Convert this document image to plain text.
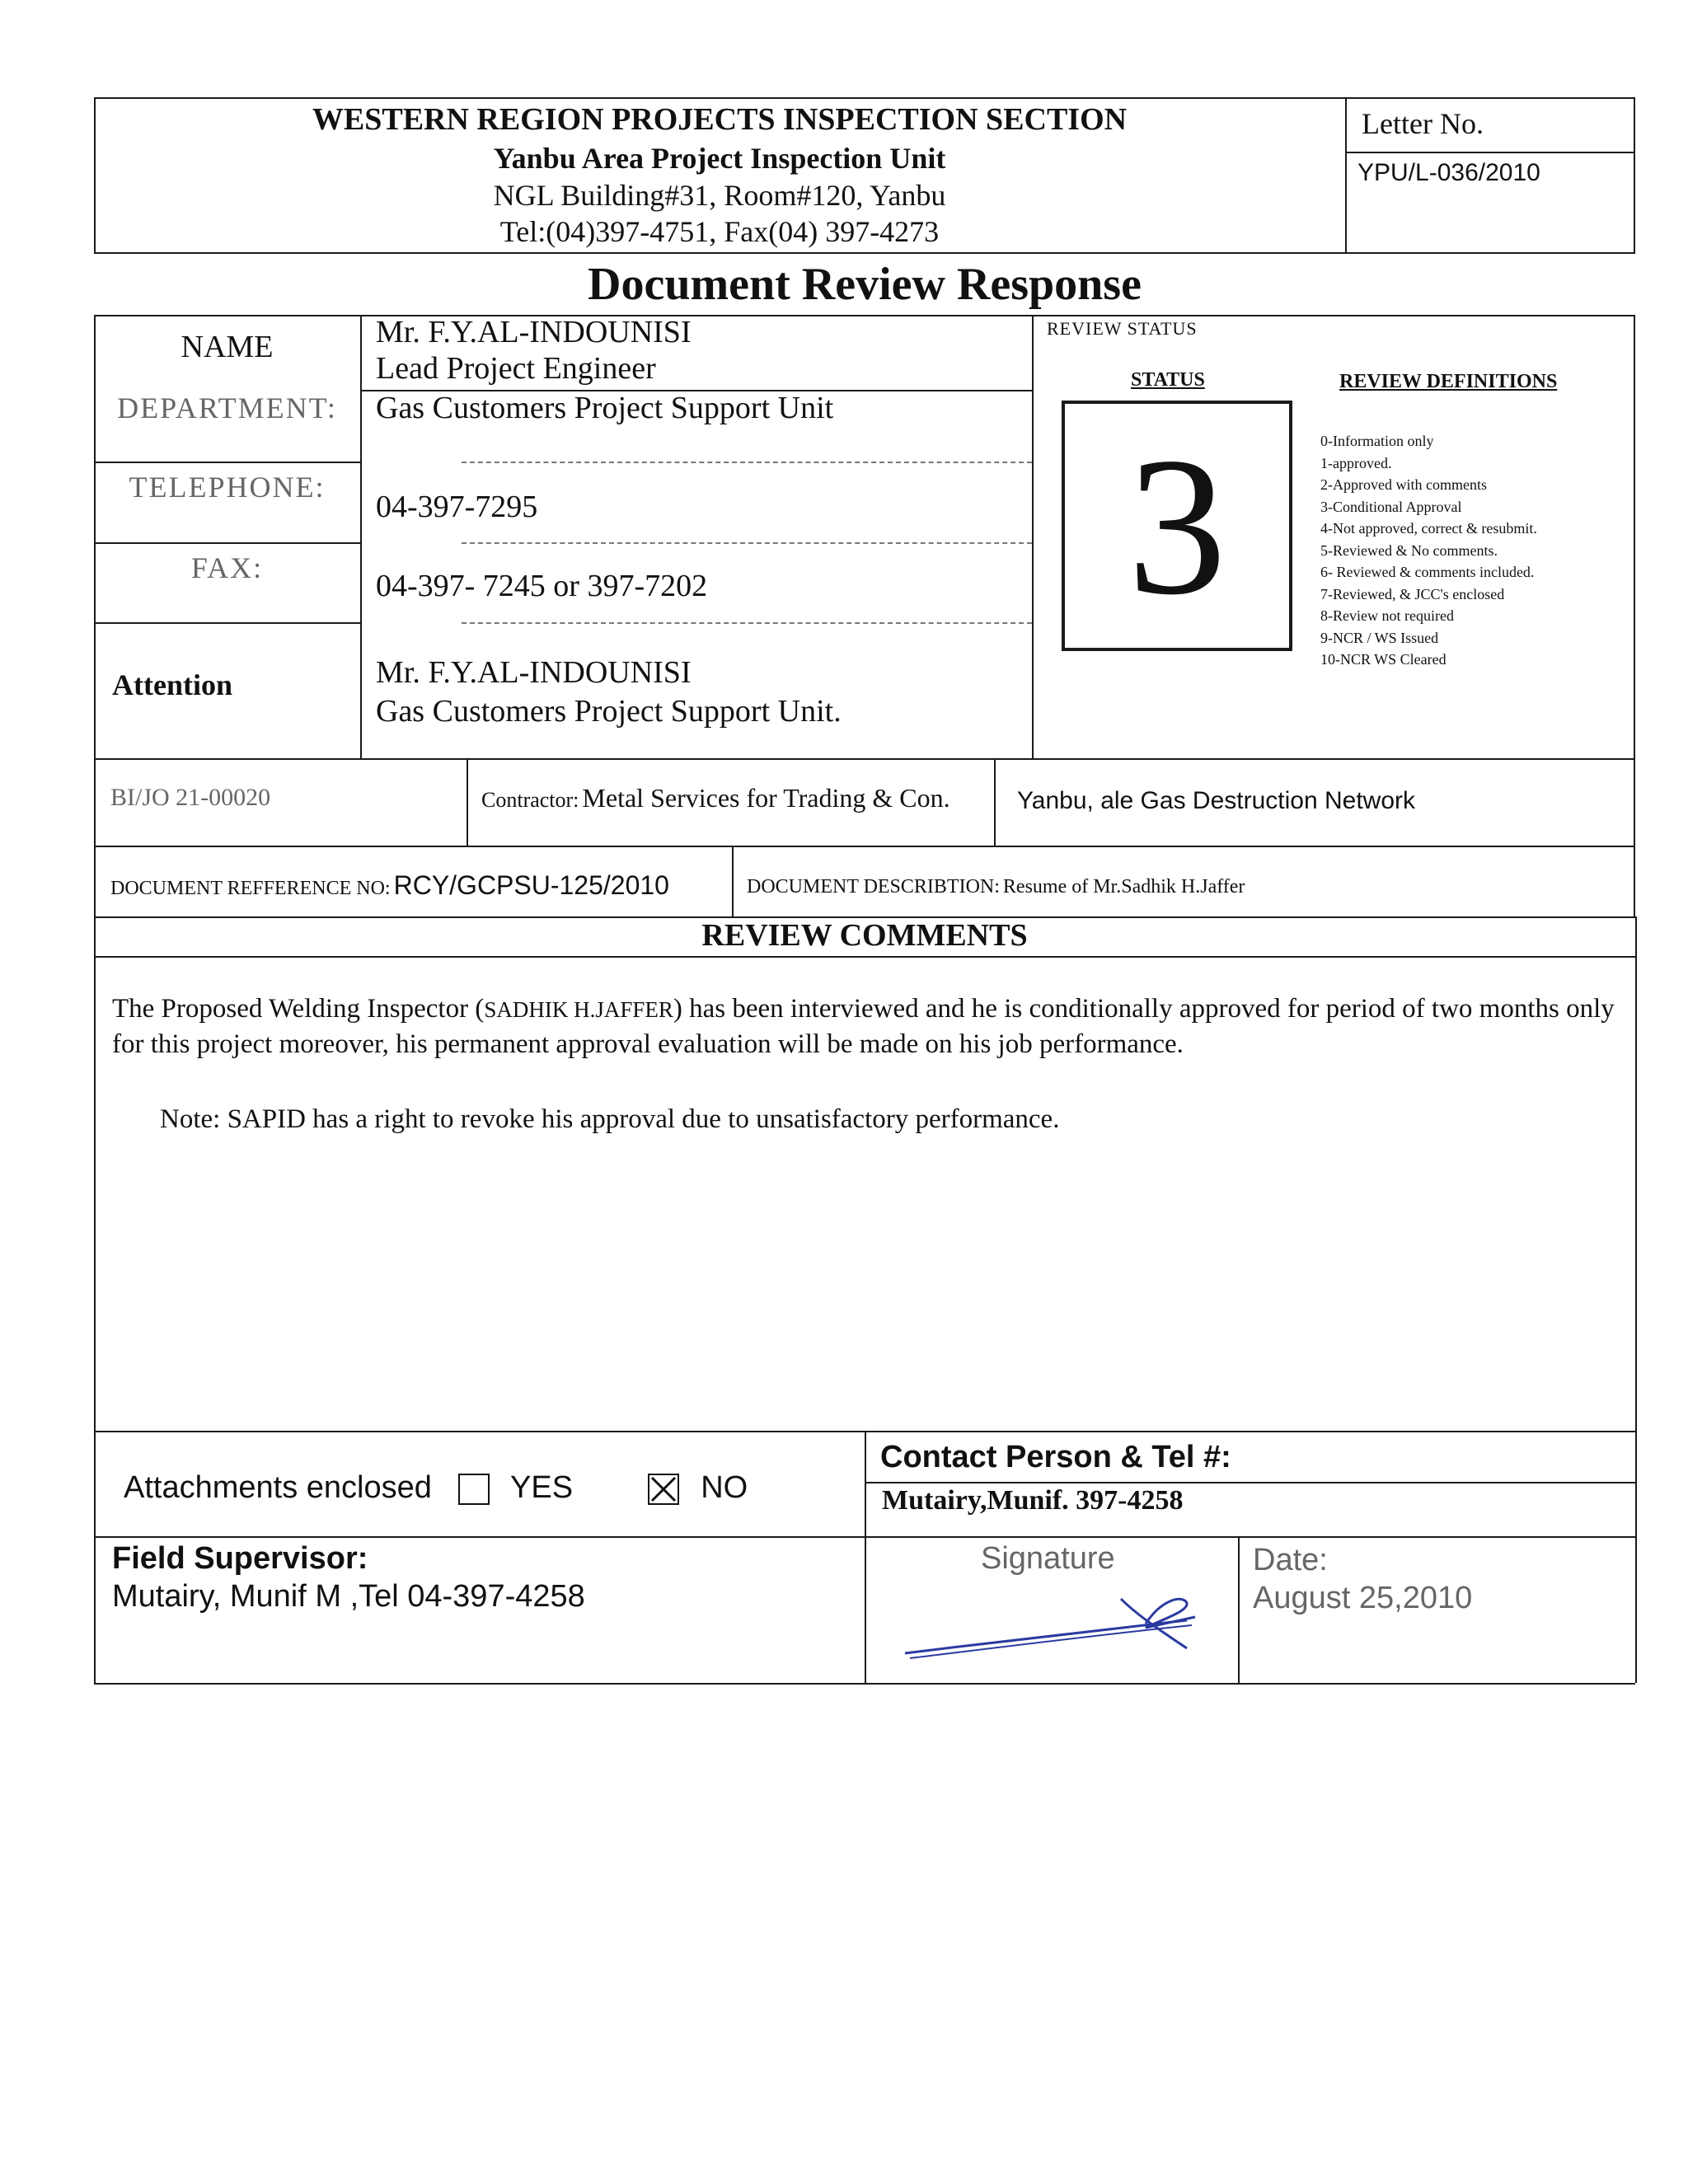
WESTERN REGION PROJECTS INSPECTION SECTION
Yanbu Area Project Inspection Unit
NGL Building#31, Room#120, Yanbu
Tel:(04)397-4751, Fax(04) 397-4273
Letter No.
YPU/L-036/2010
Document Review Response
NAME	Mr. F.Y.AL-INDOUNISI
Lead Project Engineer
DEPARTMENT:	Gas Customers Project Support Unit
TELEPHONE:
04-397-7295
FAX:
04-397- 7245 or 397-7202
Attention	Mr. F.Y.AL-INDOUNISI
Gas Customers Project Support Unit.
REVIEW STATUS
STATUS	REVIEW DEFINITIONS
3	0-Information only
1-approved.
2-Approved with comments
3-Conditional Approval
4-Not approved, correct & resubmit.
5-Reviewed & No comments.
6- Reviewed & comments included.
7-Reviewed, & JCC's enclosed
8-Review not required
9-NCR / WS Issued
10-NCR WS Cleared
BI/JO 21-00020	Contractor: Metal Services for Trading & Con.	Yanbu, ale Gas Destruction Network
DOCUMENT REFFERENCE NO: RCY/GCPSU-125/2010	DOCUMENT DESCRIBTION: Resume of Mr.Sadhik H.Jaffer
REVIEW COMMENTS
The Proposed Welding Inspector (SADHIK H.JAFFER) has been interviewed and he is conditionally approved for period of two months only for this project moreover, his permanent approval evaluation will be made on his job performance.
Note: SAPID has a right to revoke his approval due to unsatisfactory performance.
Attachments enclosed	YES	NO
Contact Person & Tel #:
Mutairy,Munif. 397-4258
Field Supervisor:
Mutairy, Munif M ,Tel 04-397-4258
Signature	Date:
August 25,2010
